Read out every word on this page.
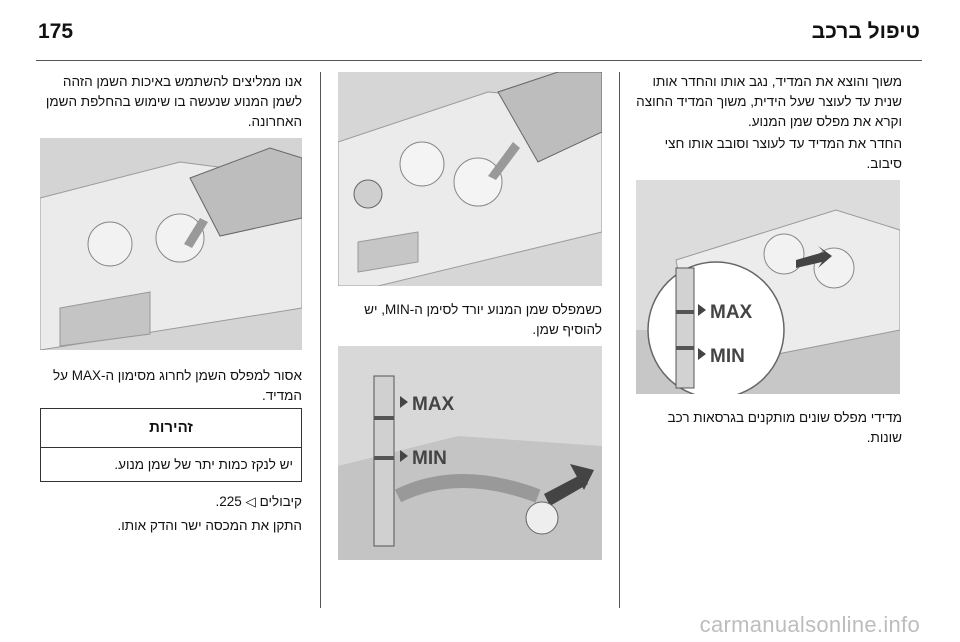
175	טיפול ברכב

משוך והוצא את המדיד, נגב אותו והחדר אותו שנית עד לעוצר שעל הידית, משוך המדיד החוצה וקרא את מפלס שמן המנוע.

החדר את המדיד עד לעוצר וסובב אותו חצי סיבוב.

MAX
MIN

מדידי מפלס שונים מותקנים בגרסאות רכב שונות.

כשמפלס שמן המנוע יורד לסימן ה-MIN, יש להוסיף שמן.

MAX
MIN

אנו ממליצים להשתמש באיכות השמן הזהה לשמן המנוע שנעשה בו שימוש בהחלפת השמן האחרונה.

אסור למפלס השמן לחרוג מסימון ה-MAX על המדיד.

זהירות
יש לנקז כמות יתר של שמן מנוע.

קיבולים ◁ 225.

התקן את המכסה ישר והדק אותו.

carmanualsonline.info
